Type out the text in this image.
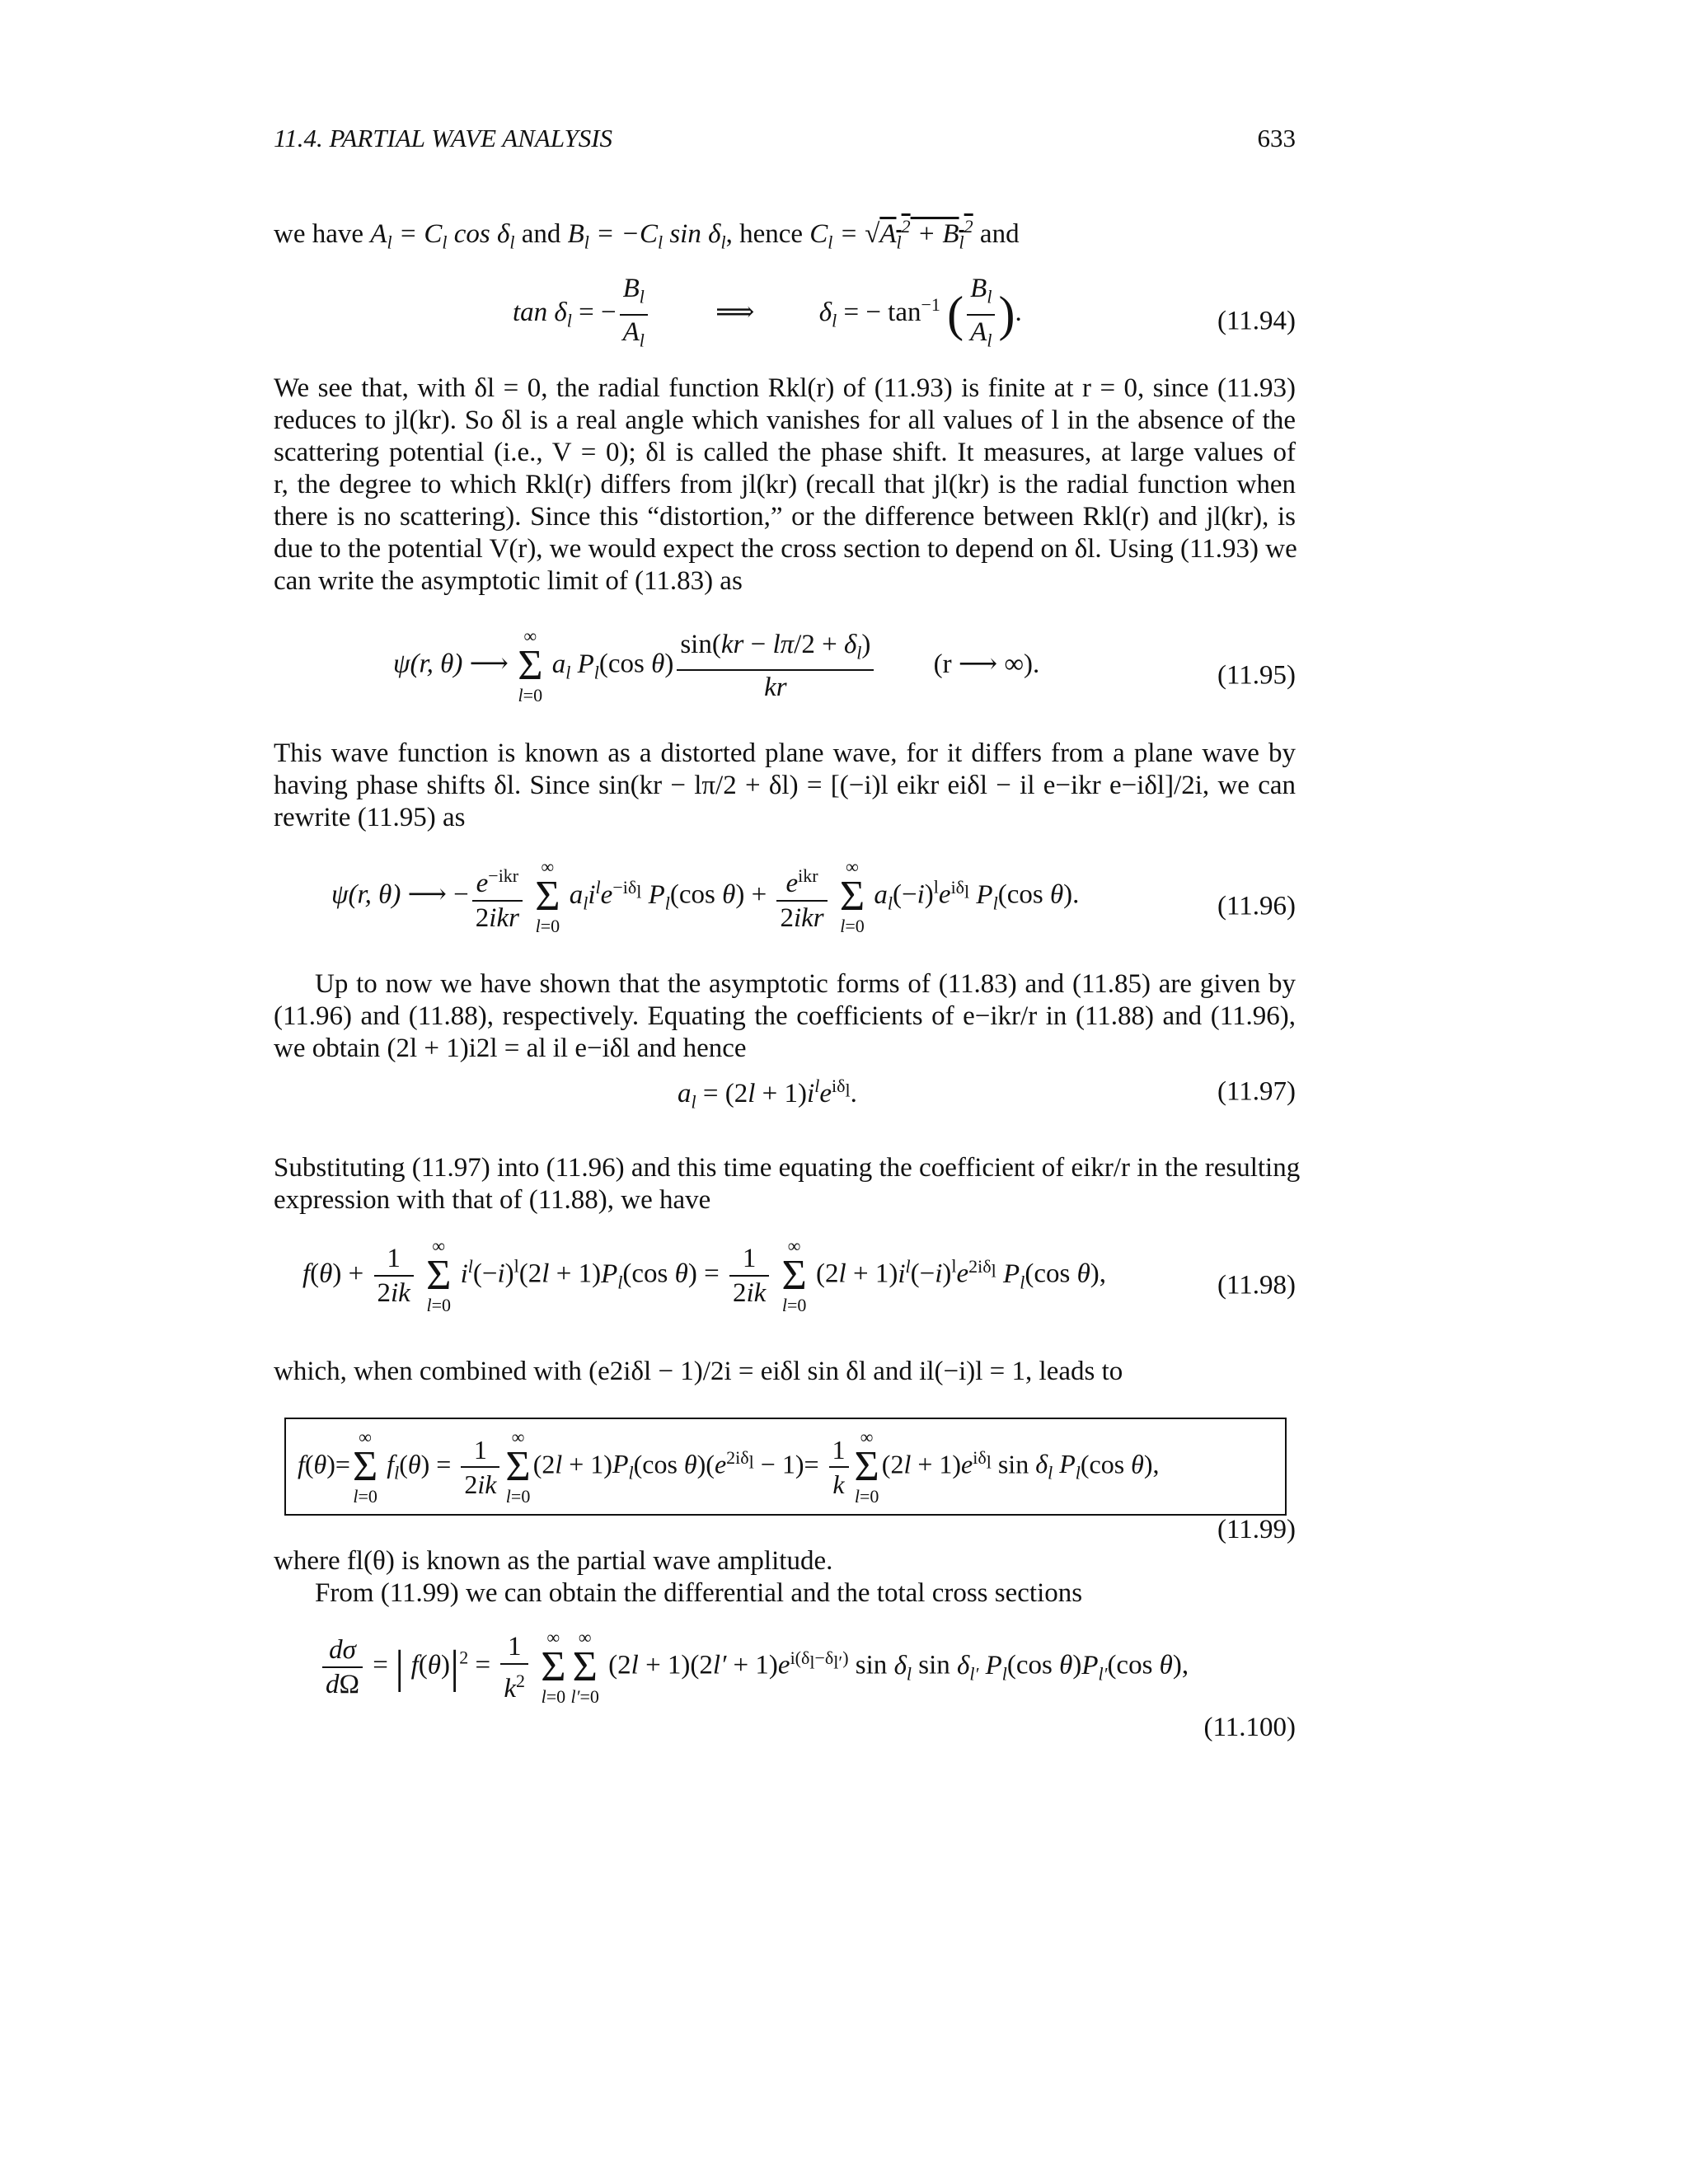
11.4. PARTIAL WAVE ANALYSIS	633
we have $A_l = C_l$ $\cos \delta_l$ and $B_l = -C_l$ $\sin \delta_l$, hence $C_l = √A_l^2 + B_l^2$ and
$\tan \delta_l$ = − $\frac{B_l}{A_l}$ ⟹ $\delta_l$ = − $\tan^{-1}$ ( $\frac{B_l}{A_l}$ ).	(11.94)
We see that, with δl = 0, the radial function Rkl(r) of (11.93) is finite at r = 0, since (11.93)
reduces to jl(kr). So δl is a real angle which vanishes for all values of l in the absence of the
scattering potential (i.e., V = 0); δl is called the phase shift. It measures, at large values of
r, the degree to which Rkl(r) differs from jl(kr) (recall that jl(kr) is the radial function when
there is no scattering). Since this “distortion,” or the difference between Rkl(r) and jl(kr), is
due to the potential V(r), we would expect the cross section to depend on δl. Using (11.93) we
can write the asymptotic limit of (11.83) as
ψ(r, θ) ⟶
∞
Σ
l=0
$a_l$ $P_l(\cos$ $\theta) \frac{\sin(kr - l\pi/2 + \delta_l)}{kr} (r$ ⟶ ∞).	(11.95)
This wave function is known as a distorted plane wave, for it differs from a plane wave by
having phase shifts δl. Since sin(kr − lπ/2 + δl) = [(−i)l eikr eiδl − il e−ikr e−iδl]/2i, we can
rewrite (11.95) as
ψ(r, θ) ⟶ − $\frac{e^{-ikr}}{\text{2ikr}}$
	∞
Σ
l=0
$a_li^le^{-i\delta_l}$ $P_l(\cos$ $\theta) + \frac{e^{ikr}}{\text{2ikr}}$
	∞
Σ
l=0
$a_l(-i)^le^{i\delta_l}$ $P_l(\cos$ θ).	(11.96)
Up to now we have shown that the asymptotic forms of (11.83) and (11.85) are given by
(11.96) and (11.88), respectively. Equating the coefficients of e−ikr/r in (11.88) and (11.96),
we obtain (2l + 1)i2l = al il e−iδl and hence
$a_l = (2l + 1)i^le^{i\delta_l}$.	(11.97)
Substituting (11.97) into (11.96) and this time equating the coefficient of eikr/r in the resulting
expression with that of (11.88), we have
$f(\theta) + \frac{1}{2ik}$
	∞
Σ
l=0
$i^l(-i)^l(2l + 1)P_l(\cos$ $\theta) = \frac{1}{2ik}$
	∞
Σ
l=0
$(2l + 1)i^l(-i)^le^{2i\delta_l}$ $P_l(\cos$ θ),	(11.98)
which, when combined with (e2iδl − 1)/2i = eiδl sin δl and il(−i)l = 1, leads to
f(θ)=
∞
Σ
l=0
$f_l(\theta) = \frac{1}{2ik}$ ∞
Σ
l=0
$(2l + 1)P_l(\cos$ $\theta)(e^{2i\delta_l} - 1)= \frac{1}{k}$ ∞
Σ
l=0
$(2l + 1)e^{i\delta_l}$ $\sin \delta_l$ $P_l(\cos$ θ),
(11.99)
where fl(θ) is known as the partial wave amplitude.
From (11.99) we can obtain the differential and the total cross sections
$\frac{d\sigma}{d\Omega}$ = | $f(\theta)|^2 = \frac{1}{k^2}$
	∞
Σ
l=0
∞
Σ
l′=0
$(2l + 1)(2l' + 1)e^{i(\delta_l-\delta_{l'})}$ $\sin \delta_l$ $\sin \delta_{l'}$ $P_l(\cos$ $\theta)P_{l'}(\cos$ θ),
(11.100)
